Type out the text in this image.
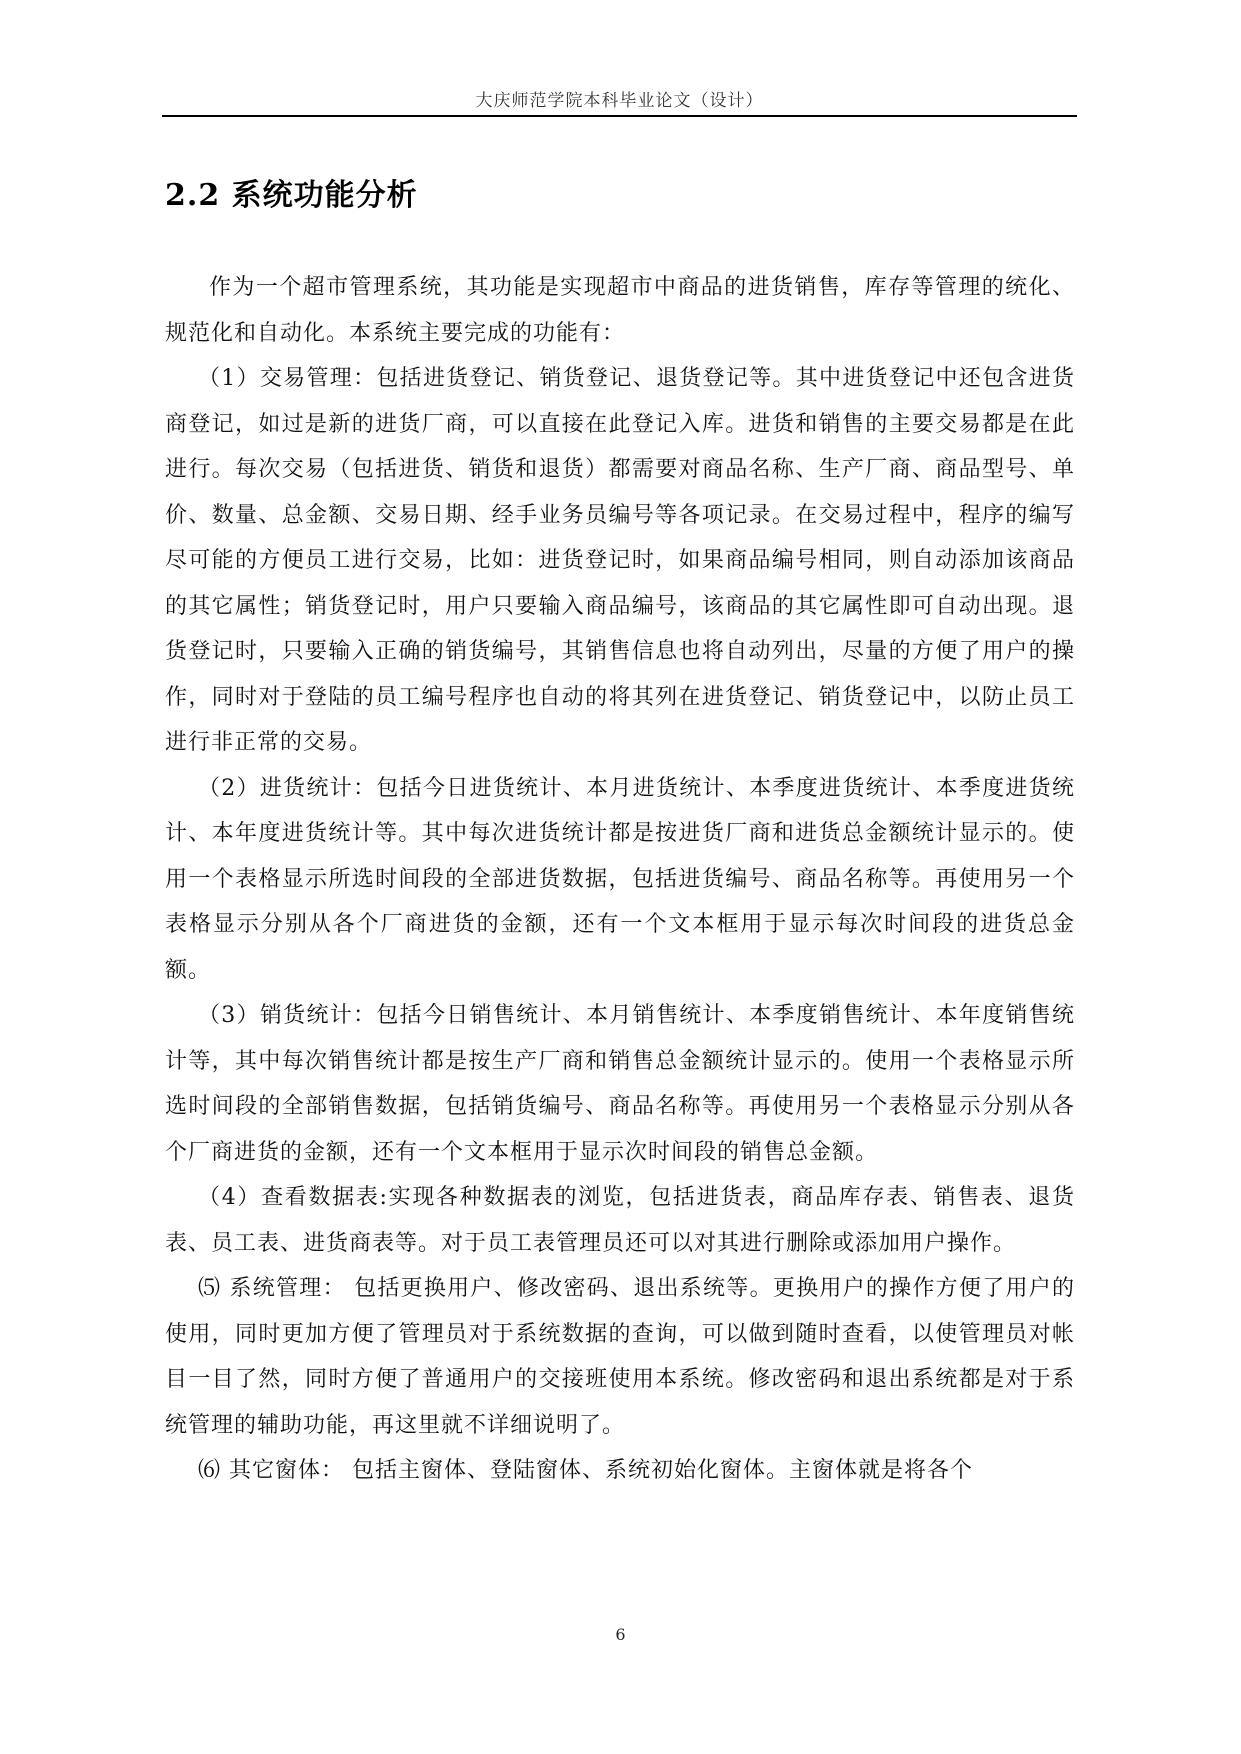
大庆师范学院本科毕业论文（设计）
2.2 系统功能分析

作为一个超市管理系统，其功能是实现超市中商品的进货销售，库存等管理的统化、规范化和自动化。本系统主要完成的功能有：

（1）交易管理：包括进货登记、销货登记、退货登记等。其中进货登记中还包含进货商登记，如过是新的进货厂商，可以直接在此登记入库。进货和销售的主要交易都是在此进行。每次交易（包括进货、销货和退货）都需要对商品名称、生产厂商、商品型号、单价、数量、总金额、交易日期、经手业务员编号等各项记录。在交易过程中，程序的编写尽可能的方便员工进行交易，比如：进货登记时，如果商品编号相同，则自动添加该商品的其它属性；销货登记时，用户只要输入商品编号，该商品的其它属性即可自动出现。退货登记时，只要输入正确的销货编号，其销售信息也将自动列出，尽量的方便了用户的操作，同时对于登陆的员工编号程序也自动的将其列在进货登记、销货登记中，以防止员工进行非正常的交易。

（2）进货统计：包括今日进货统计、本月进货统计、本季度进货统计、本季度进货统计、本年度进货统计等。其中每次进货统计都是按进货厂商和进货总金额统计显示的。使用一个表格显示所选时间段的全部进货数据，包括进货编号、商品名称等。再使用另一个表格显示分别从各个厂商进货的金额，还有一个文本框用于显示每次时间段的进货总金额。

（3）销货统计：包括今日销售统计、本月销售统计、本季度销售统计、本年度销售统计等，其中每次销售统计都是按生产厂商和销售总金额统计显示的。使用一个表格显示所选时间段的全部销售数据，包括销货编号、商品名称等。再使用另一个表格显示分别从各个厂商进货的金额，还有一个文本框用于显示次时间段的销售总金额。

（4）查看数据表:实现各种数据表的浏览，包括进货表，商品库存表、销售表、退货表、员工表、进货商表等。对于员工表管理员还可以对其进行删除或添加用户操作。

⑸ 系统管理： 包括更换用户、修改密码、退出系统等。更换用户的操作方便了用户的使用，同时更加方便了管理员对于系统数据的查询，可以做到随时查看，以使管理员对帐目一目了然，同时方便了普通用户的交接班使用本系统。修改密码和退出系统都是对于系统管理的辅助功能，再这里就不详细说明了。

⑹ 其它窗体： 包括主窗体、登陆窗体、系统初始化窗体。主窗体就是将各个

6
